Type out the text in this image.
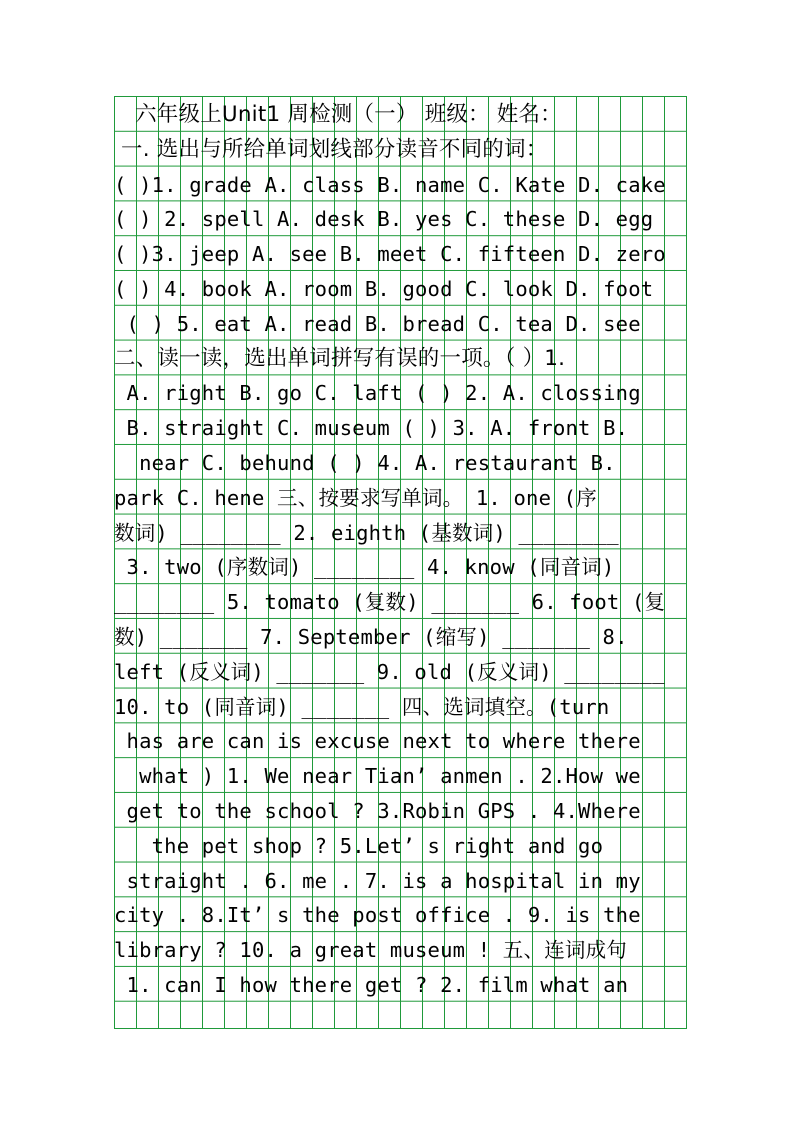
六年级上Unit1 周检测（一） 班级： 姓名：
一. 选出与所给单词划线部分读音不同的词：
( )1. grade A. class B. name C. Kate D. cake
( ) 2. spell A. desk B. yes C. these D. egg
( )3. jeep A. see B. meet C. fifteen D. zero
( ) 4. book A. room B. good C. look D. foot
( ) 5. eat A. read B. bread C. tea D. see
二、读一读，选出单词拼写有误的一项。（ ）1.
A. right B. go C. laft ( ) 2. A. clossing
B. straight C. museum ( ) 3. A. front B.
near C. behund ( ) 4. A. restaurant B.
park C. hene 三、按要求写单词。 1. one (序
数词) ________ 2. eighth (基数词) ________
3. two (序数词) ________ 4. know (同音词)
________ 5. tomato (复数) _______ 6. foot (复
数) _______ 7. September (缩写) _______ 8.
left (反义词) _______ 9. old (反义词) ________
10. to (同音词) _______ 四、选词填空。(turn
has are can is excuse next to where there
what ) 1. We near Tian’ anmen . 2.How we
get to the school ? 3.Robin GPS . 4.Where
the pet shop ? 5.Let’ s right and go
straight . 6. me . 7. is a hospital in my
city . 8.It’ s the post office . 9. is the
library ? 10. a great museum ! 五、连词成句
1. can I how there get ? 2. film what an
